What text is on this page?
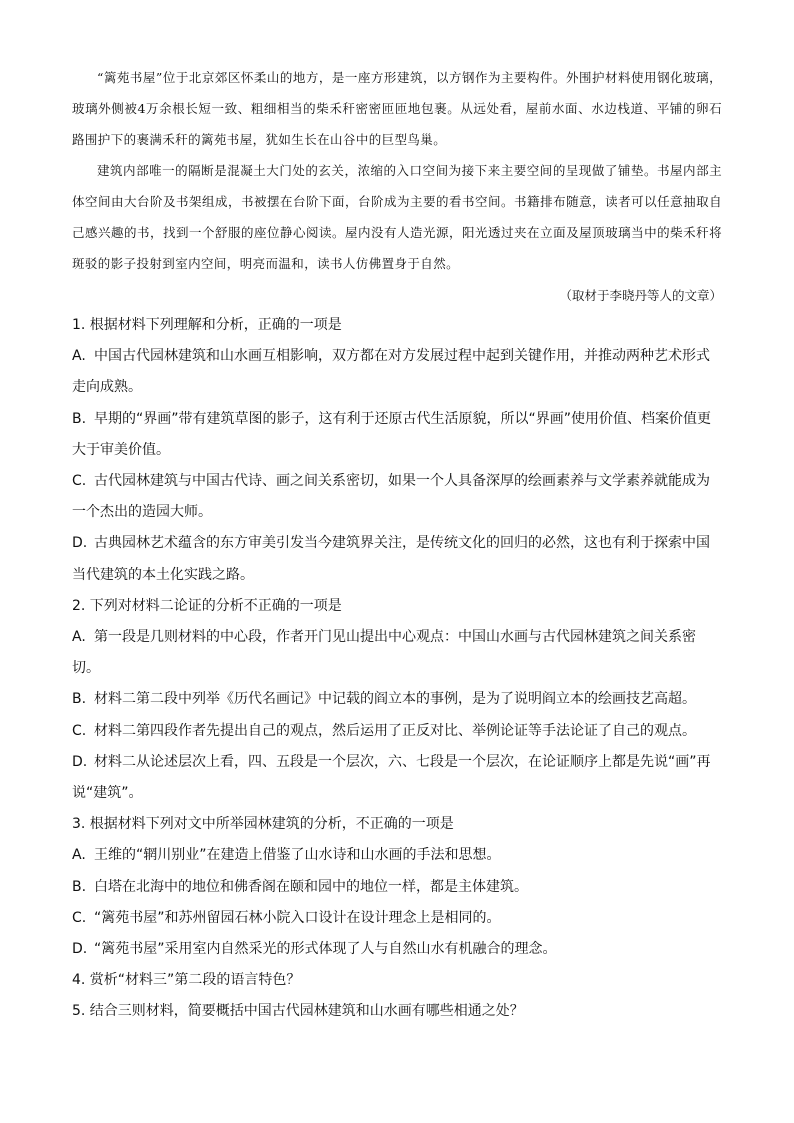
“篱苑书屋”位于北京郊区怀柔山的地方，是一座方形建筑，以方钢作为主要构件。外围护材料使用钢化玻璃，玻璃外侧被4万余根长短一致、粗细相当的柴禾秆密密匝匝地包裹。从远处看，屋前水面、水边栈道、平铺的卵石路围护下的裹满禾秆的篱苑书屋，犹如生长在山谷中的巨型鸟巢。

建筑内部唯一的隔断是混凝土大门处的玄关，浓缩的入口空间为接下来主要空间的呈现做了铺垫。书屋内部主体空间由大台阶及书架组成，书被摆在台阶下面，台阶成为主要的看书空间。书籍排布随意，读者可以任意抽取自己感兴趣的书，找到一个舒服的座位静心阅读。屋内没有人造光源，阳光透过夹在立面及屋顶玻璃当中的柴禾秆将斑驳的影子投射到室内空间，明亮而温和，读书人仿佛置身于自然。

（取材于李晓丹等人的文章）

1. 根据材料下列理解和分析，正确的一项是

A. 中国古代园林建筑和山水画互相影响，双方都在对方发展过程中起到关键作用，并推动两种艺术形式走向成熟。

B. 早期的“界画”带有建筑草图的影子，这有利于还原古代生活原貌，所以“界画”使用价值、档案价值更大于审美价值。

C. 古代园林建筑与中国古代诗、画之间关系密切，如果一个人具备深厚的绘画素养与文学素养就能成为一个杰出的造园大师。

D. 古典园林艺术蕴含的东方审美引发当今建筑界关注，是传统文化的回归的必然，这也有利于探索中国当代建筑的本土化实践之路。

2. 下列对材料二论证的分析不正确的一项是

A. 第一段是几则材料的中心段，作者开门见山提出中心观点：中国山水画与古代园林建筑之间关系密切。

B. 材料二第二段中列举《历代名画记》中记载的阎立本的事例，是为了说明阎立本的绘画技艺高超。

C. 材料二第四段作者先提出自己的观点，然后运用了正反对比、举例论证等手法论证了自己的观点。

D. 材料二从论述层次上看，四、五段是一个层次，六、七段是一个层次，在论证顺序上都是先说“画”再说“建筑”。

3. 根据材料下列对文中所举园林建筑的分析，不正确的一项是

A. 王维的“辋川别业”在建造上借鉴了山水诗和山水画的手法和思想。

B. 白塔在北海中的地位和佛香阁在颐和园中的地位一样，都是主体建筑。

C. “篱苑书屋”和苏州留园石林小院入口设计在设计理念上是相同的。

D. “篱苑书屋”采用室内自然采光的形式体现了人与自然山水有机融合的理念。

4. 赏析“材料三”第二段的语言特色？

5. 结合三则材料，简要概括中国古代园林建筑和山水画有哪些相通之处？
